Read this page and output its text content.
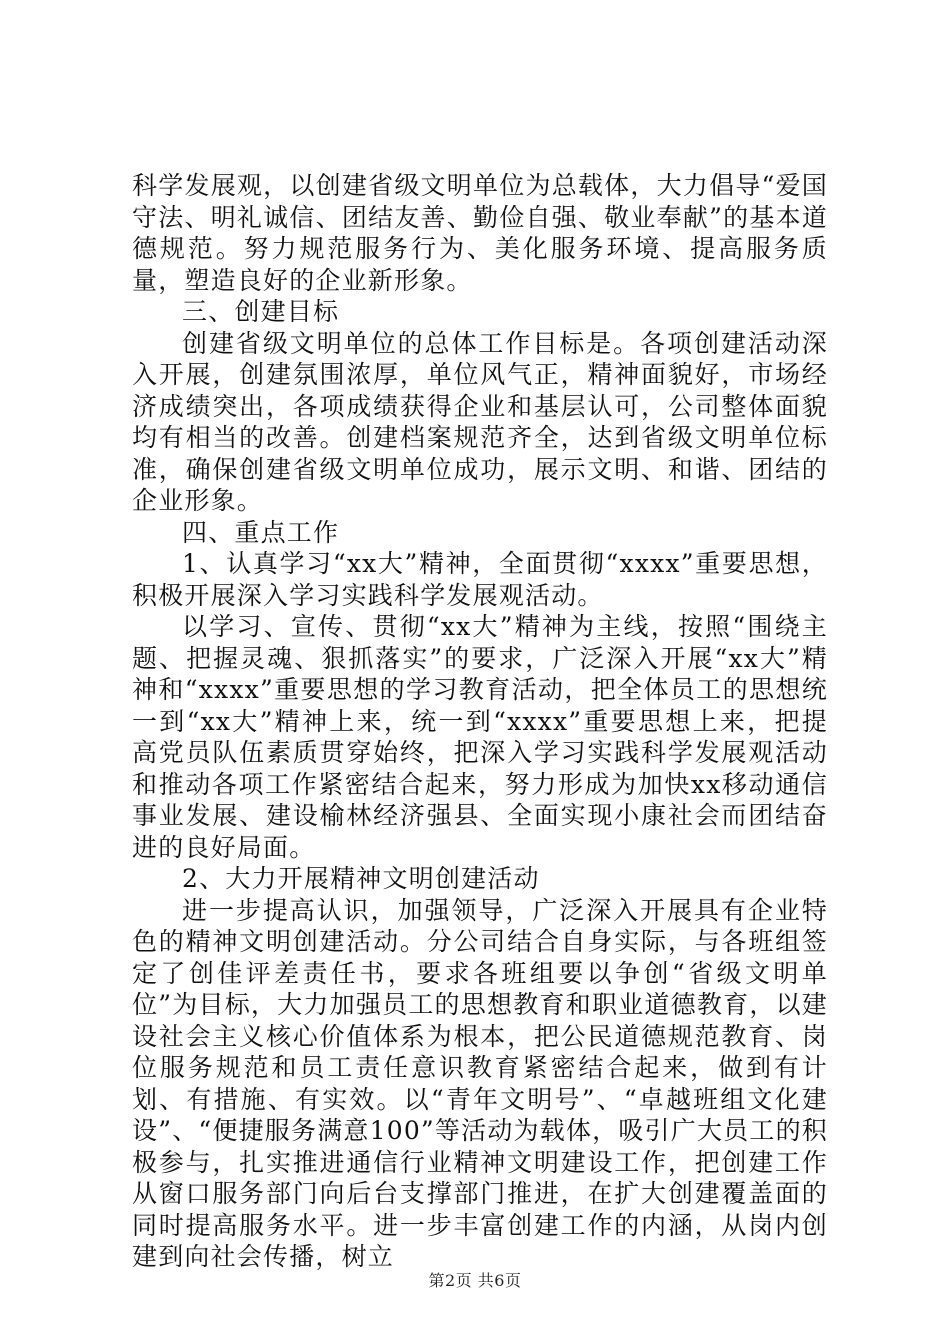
科学发展观，以创建省级文明单位为总载体，大力倡导“爱国守法、明礼诚信、团结友善、勤俭自强、敬业奉献”的基本道德规范。努力规范服务行为、美化服务环境、提高服务质量，塑造良好的企业新形象。

三、创建目标

创建省级文明单位的总体工作目标是。各项创建活动深入开展，创建氛围浓厚，单位风气正，精神面貌好，市场经济成绩突出，各项成绩获得企业和基层认可，公司整体面貌均有相当的改善。创建档案规范齐全，达到省级文明单位标准，确保创建省级文明单位成功，展示文明、和谐、团结的企业形象。

四、重点工作

1、认真学习“xx大”精神，全面贯彻“xxxx”重要思想，积极开展深入学习实践科学发展观活动。

以学习、宣传、贯彻“xx大”精神为主线，按照“围绕主题、把握灵魂、狠抓落实”的要求，广泛深入开展“xx大”精神和“xxxx”重要思想的学习教育活动，把全体员工的思想统一到“xx大”精神上来，统一到“xxxx”重要思想上来，把提高党员队伍素质贯穿始终，把深入学习实践科学发展观活动和推动各项工作紧密结合起来，努力形成为加快xx移动通信事业发展、建设榆林经济强县、全面实现小康社会而团结奋进的良好局面。

2、大力开展精神文明创建活动

进一步提高认识，加强领导，广泛深入开展具有企业特色的精神文明创建活动。分公司结合自身实际，与各班组签定了创佳评差责任书，要求各班组要以争创“省级文明单位”为目标，大力加强员工的思想教育和职业道德教育，以建设社会主义核心价值体系为根本，把公民道德规范教育、岗位服务规范和员工责任意识教育紧密结合起来，做到有计划、有措施、有实效。以“青年文明号”、“卓越班组文化建设”、“便捷服务满意100”等活动为载体，吸引广大员工的积极参与，扎实推进通信行业精神文明建设工作，把创建工作从窗口服务部门向后台支撑部门推进，在扩大创建覆盖面的同时提高服务水平。进一步丰富创建工作的内涵，从岗内创建到向社会传播，树立

第2页 共6页
